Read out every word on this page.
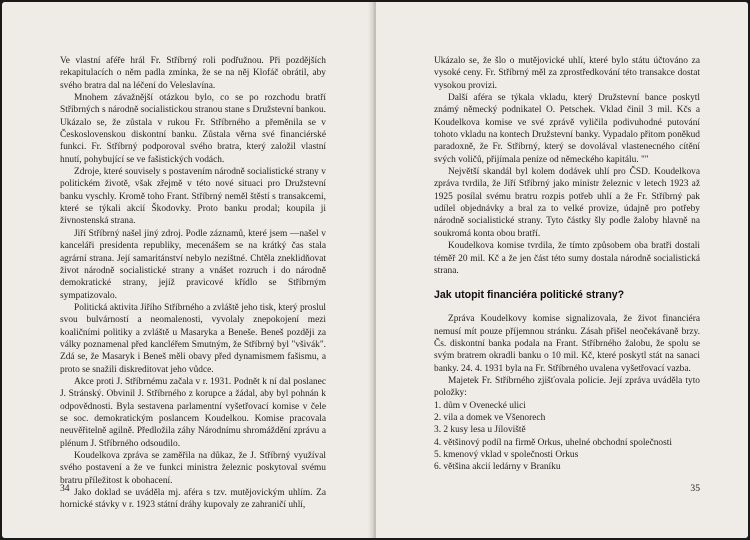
Ve vlastní aféře hrál Fr. Stříbrný roli podřužnou. Při pozdějších rekapitulacích o něm padla zmínka, že se na něj Klofáč obrátil, aby svého bratra dal na léčení do Veleslavína.

Mnohem závažnější otázkou bylo, co se po rozchodu bratří Stříbrných s národně socialistickou stranou stane s Družstevní bankou. Ukázalo se, že zůstala v rukou Fr. Stříbrného a přeměnila se v Československou diskontní banku. Zůstala věrna své financiérské funkci. Fr. Stříbrný podporoval svého bratra, který založil vlastní hnutí, pohybující se ve fašistických vodách.

Zdroje, které souvisely s postavením národně socialistické strany v politickém životě, však zřejmě v této nové situaci pro Družstevní banku vyschly. Kromě toho Frant. Stříbrný neměl štěstí s transakcemi, které se týkali akcií Škodovky. Proto banku prodal; koupila ji živnostenská strana.

Jiří Stříbrný našel jiný zdroj. Podle záznamů, které jsem —našel v kanceláři presidenta republiky, mecenášem se na krátký čas stala agrární strana. Její samaritánství nebylo nezištné. Chtěla zneklidňovat život národně socialistické strany a vnášet rozruch i do národně demokratické strany, jejíž pravicové křídlo se Stříbrným sympatizovalo.

Politická aktivita Jiřího Stříbrného a zvláště jeho tisk, který proslul svou bulvárností a neomalenosti, vyvolaly znepokojení mezi koaličními politiky a zvláště u Masaryka a Beneše. Beneš později za války poznamenal před kancléřem Smutným, že Stříbrný byl "všivák". Zdá se, že Masaryk i Beneš měli obavy před dynamismem fašismu, a proto se snažili diskreditovat jeho vůdce.

Akce proti J. Stříbrnému začala v r. 1931. Podnět k ní dal poslanec J. Stránský. Obvinil J. Stříbrného z korupce a žádal, aby byl pohnán k odpovědnosti. Byla sestavena parlamentní vyšetřovací komise v čele se soc. demokratickým poslancem Koudelkou. Komise pracovala neuvěřitelně agilně. Předložila záhy Národnímu shromáždění zprávu a plénum J. Stříbrného odsoudilo.

Koudelkova zpráva se zaměřila na důkaz, že J. Stříbrný využíval svého postavení a že ve funkci ministra železnic poskytoval svému bratru příležitost k obohacení.

Jako doklad se uváděla mj. aféra s tzv. mutějovickým uhlím. Za hornické stávky v r. 1923 státní dráhy kupovaly ze zahraničí uhlí,

34

Ukázalo se, že šlo o mutějovické uhlí, které bylo státu účtováno za vysoké ceny. Fr. Stříbrný měl za zprostředkování této transakce dostat vysokou provizi.

Další aféra se týkala vkladu, který Družstevní bance poskytl známý německý podnikatel O. Petschek. Vklad činil 3 mil. Kčs a Koudelkova komise ve své zprávě vyličila podivuhodné putování tohoto vkladu na kontech Družstevní banky. Vypadalo přitom poněkud paradoxně, že Fr. Stříbrný, který se dovolával vlastenecného cítění svých voličů, přijímala peníze od německého kapitálu. ""

Největší skandál byl kolem dodávek uhlí pro ČSD. Koudelkova zpráva tvrdila, že Jiří Stříbrný jako ministr železnic v letech 1923 až 1925 posílal svému bratru rozpis potřeb uhlí a že Fr. Stříbrný pak udílel objednávky a bral za to velké provize, údajně pro potřeby národně socialistické strany. Tyto částky šly podle žaloby hlavně na soukromá konta obou bratří.

Koudelkova komise tvrdila, že tímto způsobem oba bratři dostali téměř 20 mil. Kč a že jen část této sumy dostala národně socialistická strana.

Jak utopit financiéra politické strany?

Zpráva Koudelkovy komise signalizovala, že život financiéra nemusí mít pouze příjemnou stránku. Zásah přišel neočekávaně brzy. Čs. diskontní banka podala na Frant. Stříbrného žalobu, že spolu se svým bratrem okradli banku o 10 mil. Kč, které poskytl stát na sanaci banky. 24. 4. 1931 byla na Fr. Stříbrného uvalena vyšetřovací vazba.

Majetek Fr. Stříbrného zjišťovala policie. Její zpráva uváděla tyto položky:

1. dům v Ovenecké ulici
2. vila a domek ve Všenorech
3. 2 kusy lesa u Jíloviště
4. většinový podíl na firmě Orkus, uhelné obchodní společnosti
5. kmenový vklad v společnosti Orkus
6. většina akcií ledárny v Braníku
35
